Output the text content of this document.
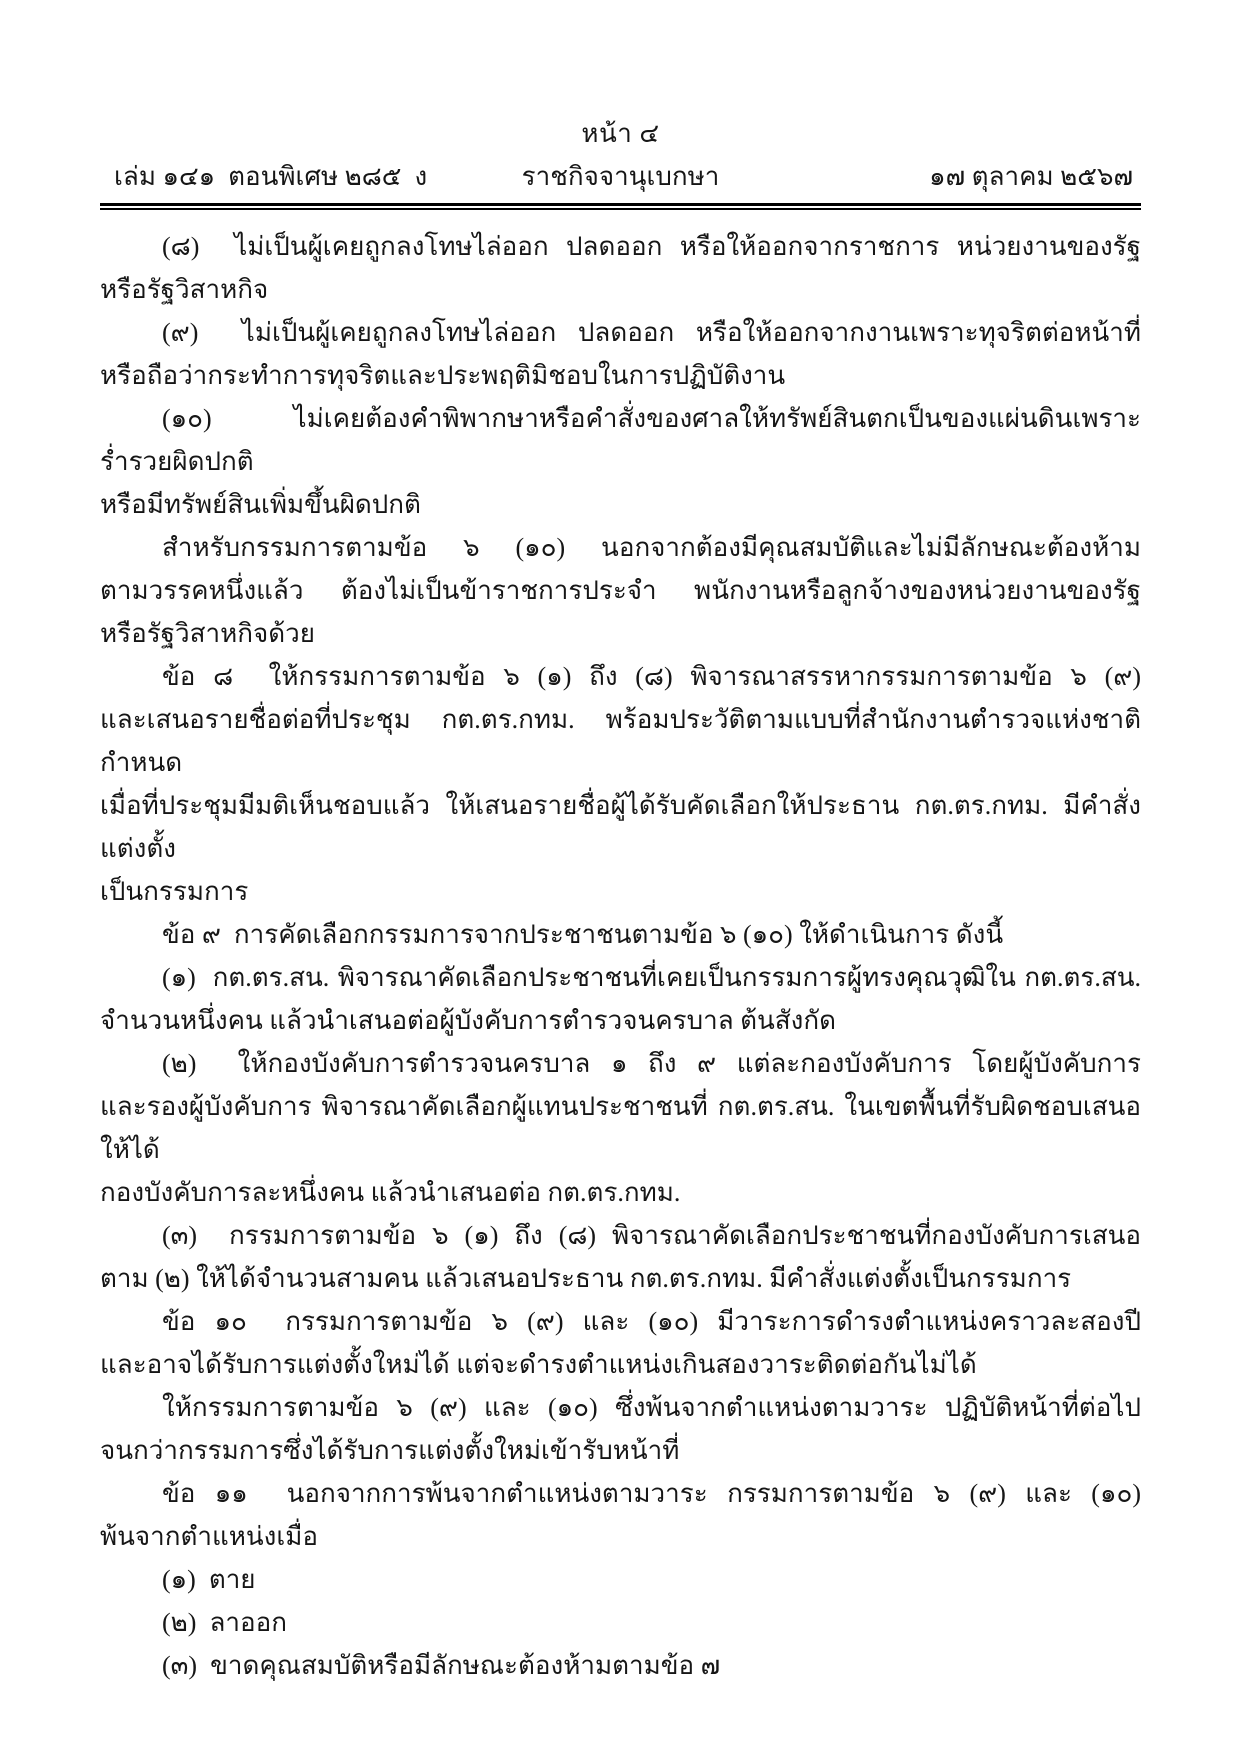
หน้า ๔
เล่ม ๑๔๑  ตอนพิเศษ ๒๘๕  ง	ราชกิจจานุเบกษา	๑๗ ตุลาคม ๒๕๖๗
(๘)  ไม่เป็นผู้เคยถูกลงโทษไล่ออก ปลดออก หรือให้ออกจากราชการ หน่วยงานของรัฐ
หรือรัฐวิสาหกิจ
(๙)  ไม่เป็นผู้เคยถูกลงโทษไล่ออก ปลดออก หรือให้ออกจากงานเพราะทุจริตต่อหน้าที่
หรือถือว่ากระทำการทุจริตและประพฤติมิชอบในการปฏิบัติงาน
(๑๐)  ไม่เคยต้องคำพิพากษาหรือคำสั่งของศาลให้ทรัพย์สินตกเป็นของแผ่นดินเพราะร่ำรวยผิดปกติ
หรือมีทรัพย์สินเพิ่มขึ้นผิดปกติ
สำหรับกรรมการตามข้อ ๖ (๑๐) นอกจากต้องมีคุณสมบัติและไม่มีลักษณะต้องห้าม
ตามวรรคหนึ่งแล้ว ต้องไม่เป็นข้าราชการประจำ พนักงานหรือลูกจ้างของหน่วยงานของรัฐ
หรือรัฐวิสาหกิจด้วย
ข้อ ๘  ให้กรรมการตามข้อ ๖ (๑) ถึง (๘) พิจารณาสรรหากรรมการตามข้อ ๖ (๙)
และเสนอรายชื่อต่อที่ประชุม กต.ตร.กทม. พร้อมประวัติตามแบบที่สำนักงานตำรวจแห่งชาติกำหนด
เมื่อที่ประชุมมีมติเห็นชอบแล้ว ให้เสนอรายชื่อผู้ได้รับคัดเลือกให้ประธาน กต.ตร.กทม. มีคำสั่งแต่งตั้ง
เป็นกรรมการ
ข้อ ๙  การคัดเลือกกรรมการจากประชาชนตามข้อ ๖ (๑๐) ให้ดำเนินการ ดังนี้
(๑)  กต.ตร.สน. พิจารณาคัดเลือกประชาชนที่เคยเป็นกรรมการผู้ทรงคุณวุฒิใน กต.ตร.สน.
จำนวนหนึ่งคน แล้วนำเสนอต่อผู้บังคับการตำรวจนครบาล ต้นสังกัด
(๒)  ให้กองบังคับการตำรวจนครบาล ๑ ถึง ๙ แต่ละกองบังคับการ โดยผู้บังคับการ
และรองผู้บังคับการ พิจารณาคัดเลือกผู้แทนประชาชนที่ กต.ตร.สน. ในเขตพื้นที่รับผิดชอบเสนอให้ได้
กองบังคับการละหนึ่งคน แล้วนำเสนอต่อ กต.ตร.กทม.
(๓)  กรรมการตามข้อ ๖ (๑) ถึง (๘) พิจารณาคัดเลือกประชาชนที่กองบังคับการเสนอ
ตาม (๒) ให้ได้จำนวนสามคน แล้วเสนอประธาน กต.ตร.กทม. มีคำสั่งแต่งตั้งเป็นกรรมการ
ข้อ ๑๐  กรรมการตามข้อ ๖ (๙) และ (๑๐) มีวาระการดำรงตำแหน่งคราวละสองปี
และอาจได้รับการแต่งตั้งใหม่ได้ แต่จะดำรงตำแหน่งเกินสองวาระติดต่อกันไม่ได้
ให้กรรมการตามข้อ ๖ (๙) และ (๑๐) ซึ่งพ้นจากตำแหน่งตามวาระ ปฏิบัติหน้าที่ต่อไป
จนกว่ากรรมการซึ่งได้รับการแต่งตั้งใหม่เข้ารับหน้าที่
ข้อ ๑๑  นอกจากการพ้นจากตำแหน่งตามวาระ กรรมการตามข้อ ๖ (๙) และ (๑๐)
พ้นจากตำแหน่งเมื่อ
(๑)  ตาย
(๒)  ลาออก
(๓)  ขาดคุณสมบัติหรือมีลักษณะต้องห้ามตามข้อ ๗
